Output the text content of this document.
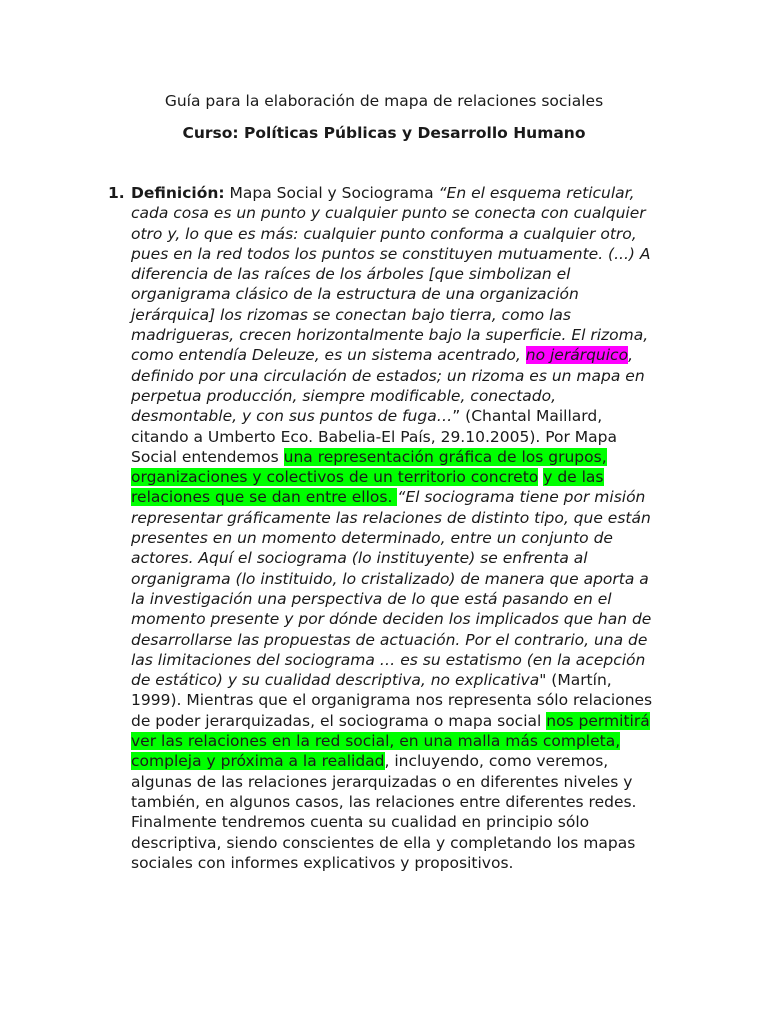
Guía para la elaboración de mapa de relaciones sociales
Curso: Políticas Públicas y Desarrollo Humano
1. Definición: Mapa Social y Sociograma “En el esquema reticular, cada cosa es un punto y cualquier punto se conecta con cualquier otro y, lo que es más: cualquier punto conforma a cualquier otro, pues en la red todos los puntos se constituyen mutuamente. (...) A diferencia de las raíces de los árboles [que simbolizan el organigrama clásico de la estructura de una organización jerárquica] los rizomas se conectan bajo tierra, como las madrigueras, crecen horizontalmente bajo la superficie. El rizoma, como entendía Deleuze, es un sistema acentrado, no jerárquico, definido por una circulación de estados; un rizoma es un mapa en perpetua producción, siempre modificable, conectado, desmontable, y con sus puntos de fuga…” (Chantal Maillard, citando a Umberto Eco. Babelia-El País, 29.10.2005). Por Mapa Social entendemos una representación gráfica de los grupos, organizaciones y colectivos de un territorio concreto y de las relaciones que se dan entre ellos. “El sociograma tiene por misión representar gráficamente las relaciones de distinto tipo, que están presentes en un momento determinado, entre un conjunto de actores. Aquí el sociograma (lo instituyente) se enfrenta al organigrama (lo instituido, lo cristalizado) de manera que aporta a la investigación una perspectiva de lo que está pasando en el momento presente y por dónde deciden los implicados que han de desarrollarse las propuestas de actuación. Por el contrario, una de las limitaciones del sociograma … es su estatismo (en la acepción de estático) y su cualidad descriptiva, no explicativa" (Martín, 1999). Mientras que el organigrama nos representa sólo relaciones de poder jerarquizadas, el sociograma o mapa social nos permitirá ver las relaciones en la red social, en una malla más completa, compleja y próxima a la realidad, incluyendo, como veremos, algunas de las relaciones jerarquizadas o en diferentes niveles y también, en algunos casos, las relaciones entre diferentes redes. Finalmente tendremos cuenta su cualidad en principio sólo descriptiva, siendo conscientes de ella y completando los mapas sociales con informes explicativos y propositivos.
